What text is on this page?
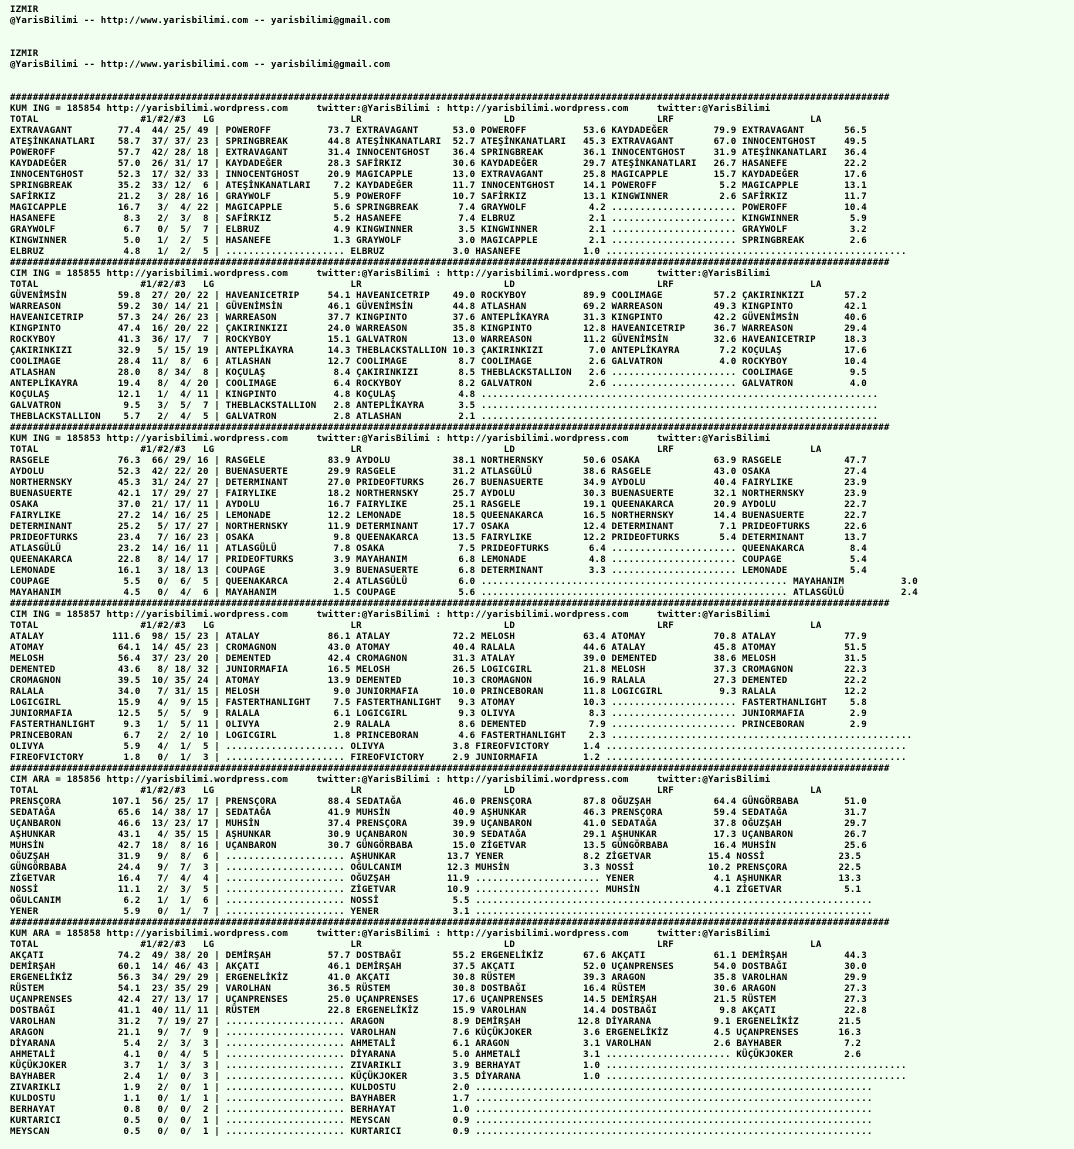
IZMIR
@YarisBilimi -- http://www.yarisbilimi.com -- yarisbilimi@gmail.com

IZMIR
@YarisBilimi -- http://www.yarisbilimi.com -- yarisbilimi@gmail.com

###########################################################################################################################################################
KUM ING = 185854 http://yarisbilimi.wordpress.com     twitter:@YarisBilimi : http://yarisbilimi.wordpress.com     twitter:@YarisBilimi
TOTAL                  #1/#2/#3   LG                        LR                         LD                         LRF                        LA
EXTRAVAGANT        77.4  44/ 25/ 49 | POWEROFF          73.7 EXTRAVAGANT      53.0 POWEROFF          53.6 KAYDADEĞER        79.9 EXTRAVAGANT       56.5
ATEŞİNKANATLARI    58.7  37/ 37/ 23 | SPRINGBREAK       44.8 ATEŞİNKANATLARI  52.7 ATEŞİNKANATLARI   45.3 EXTRAVAGANT       67.0 INNOCENTGHOST     49.5
POWEROFF           57.7  42/ 28/ 18 | EXTRAVAGANT       31.4 INNOCENTGHOST    36.4 SPRINGBREAK       36.1 INNOCENTGHOST     31.9 ATEŞİNKANATLARI   36.4
KAYDADEĞER         57.0  26/ 31/ 17 | KAYDADEĞER        28.3 SAFİRKIZ         30.6 KAYDADEĞER        29.7 ATEŞİNKANATLARI   26.7 HASANEFE          22.2
INNOCENTGHOST      52.3  17/ 32/ 33 | INNOCENTGHOST     20.9 MAGICAPPLE       13.0 EXTRAVAGANT       25.8 MAGICAPPLE        15.7 KAYDADEĞER        17.6
SPRINGBREAK        35.2  33/ 12/  6 | ATEŞİNKANATLARI    7.2 KAYDADEĞER       11.7 INNOCENTGHOST     14.1 POWEROFF           5.2 MAGICAPPLE        13.1
SAFİRKIZ           21.2   3/ 28/ 16 | GRAYWOLF           5.9 POWEROFF         10.7 SAFİRKIZ          13.1 KINGWINNER         2.6 SAFİRKIZ          11.7
MAGICAPPLE         16.7   3/  4/ 22 | MAGICAPPLE         5.6 SPRINGBREAK       7.4 GRAYWOLF           4.2 ...................... POWEROFF          10.4
HASANEFE            8.3   2/  3/  8 | SAFİRKIZ           5.2 HASANEFE          7.4 ELBRUZ             2.1 ...................... KINGWINNER         5.9
GRAYWOLF            6.7   0/  5/  7 | ELBRUZ             4.9 KINGWINNER        3.5 KINGWINNER         2.1 ...................... GRAYWOLF           3.2
KINGWINNER          5.0   1/  2/  5 | HASANEFE           1.3 GRAYWOLF          3.0 MAGICAPPLE         2.1 ...................... SPRINGBREAK        2.6
ELBRUZ              4.8   1/  2/  5 | ..................... ELBRUZ            3.0 HASANEFE           1.0 .....................................................
###########################################################################################################################################################
CIM ING = 185855 http://yarisbilimi.wordpress.com     twitter:@YarisBilimi : http://yarisbilimi.wordpress.com     twitter:@YarisBilimi
TOTAL                  #1/#2/#3   LG                        LR                         LD                         LRF                        LA
GÜVENİMSİN         59.8  27/ 20/ 22 | HAVEANICETRIP     54.1 HAVEANICETRIP    49.0 ROCKYBOY          89.9 COOLIMAGE         57.2 ÇAKIRINKIZI       57.2
WARREASON          59.2  30/ 14/ 21 | GÜVENİMSİN        46.1 GÜVENİMSİN       44.8 ATLASHAN          69.2 WARREASON         49.3 KINGPINTO         42.1
HAVEANICETRIP      57.3  24/ 26/ 23 | WARREASON         37.7 KINGPINTO        37.6 ANTEPLİKAYRA      31.3 KINGPINTO         42.2 GÜVENİMSİN        40.6
KINGPINTO          47.4  16/ 20/ 22 | ÇAKIRINKIZI       24.0 WARREASON        35.8 KINGPINTO         12.8 HAVEANICETRIP     36.7 WARREASON         29.4
ROCKYBOY           41.3  36/ 17/  7 | ROCKYBOY          15.1 GALVATRON        13.0 WARREASON         11.2 GÜVENİMSİN        32.6 HAVEANICETRIP     18.3
ÇAKIRINKIZI        32.9   5/ 15/ 19 | ANTEPLİKAYRA      14.3 THEBLACKSTALLION 10.3 ÇAKIRINKIZI        7.0 ANTEPLİKAYRA       7.2 KOÇULAŞ           17.6
COOLIMAGE          28.4  11/  8/  6 | ATLASHAN          12.7 COOLIMAGE         8.7 COOLIMAGE          2.6 GALVATRON          4.0 ROCKYBOY          10.4
ATLASHAN           28.0   8/ 34/  8 | KOÇULAŞ            8.4 ÇAKIRINKIZI       8.5 THEBLACKSTALLION   2.6 ...................... COOLIMAGE          9.5
ANTEPLİKAYRA       19.4   8/  4/ 20 | COOLIMAGE          6.4 ROCKYBOY          8.2 GALVATRON          2.6 ...................... GALVATRON          4.0
KOÇULAŞ            12.1   1/  4/ 11 | KINGPINTO          4.8 KOÇULAŞ           4.8 ......................................................................
GALVATRON           9.5   3/  5/  7 | THEBLACKSTALLION   2.8 ANTEPLİKAYRA      3.5 ......................................................................
THEBLACKSTALLION    5.7   2/  4/  5 | GALVATRON          2.8 ATLASHAN          2.1 ......................................................................
###########################################################################################################################################################
KUM ING = 185853 http://yarisbilimi.wordpress.com     twitter:@YarisBilimi : http://yarisbilimi.wordpress.com     twitter:@YarisBilimi
TOTAL                  #1/#2/#3   LG                        LR                         LD                         LRF                        LA
RASGELE            76.3  66/ 29/ 16 | RASGELE           83.9 AYDOLU           38.1 NORTHERNSKY       50.6 OSAKA             63.9 RASGELE           47.7
AYDOLU             52.3  42/ 22/ 20 | BUENASUERTE       29.9 RASGELE          31.2 ATLASGÜLÜ         38.6 RASGELE           43.0 OSAKA             27.4
NORTHERNSKY        45.3  31/ 24/ 27 | DETERMINANT       27.0 PRIDEOFTURKS     26.7 BUENASUERTE       34.9 AYDOLU            40.4 FAIRYLIKE         23.9
BUENASUERTE        42.1  17/ 29/ 27 | FAIRYLIKE         18.2 NORTHERNSKY      25.7 AYDOLU            30.3 BUENASUERTE       32.1 NORTHERNSKY       23.9
OSAKA              37.0  21/ 17/ 11 | AYDOLU            16.7 FAIRYLIKE        25.1 RASGELE           19.1 QUEENAKARCA       20.9 AYDOLU            22.7
FAIRYLIKE          27.2  14/ 16/ 25 | LEMONADE          12.2 LEMONADE         18.5 QUEENAKARCA       16.5 NORTHERNSKY       14.4 BUENASUERTE       22.7
DETERMINANT        25.2   5/ 17/ 27 | NORTHERNSKY       11.9 DETERMINANT      17.7 OSAKA             12.4 DETERMINANT        7.1 PRIDEOFTURKS      22.6
PRIDEOFTURKS       23.4   7/ 16/ 23 | OSAKA              9.8 QUEENAKARCA      13.5 FAIRYLIKE         12.2 PRIDEOFTURKS       5.4 DETERMINANT       13.7
ATLASGÜLÜ          23.2  14/ 16/ 11 | ATLASGÜLÜ          7.8 OSAKA             7.5 PRIDEOFTURKS       6.4 ...................... QUEENAKARCA        8.4
QUEENAKARCA        22.8   8/ 14/ 17 | PRIDEOFTURKS       3.9 MAYAHANIM         6.8 LEMONADE           4.8 ...................... COUPAGE            5.4
LEMONADE           16.1   3/ 18/ 13 | COUPAGE            3.9 BUENASUERTE       6.8 DETERMINANT        3.3 ...................... LEMONADE           5.4
COUPAGE             5.5   0/  6/  5 | QUEENAKARCA        2.4 ATLASGÜLÜ         6.0 ...................................................... MAYAHANIM          3.0
MAYAHANIM           4.5   0/  4/  6 | MAYAHANIM          1.5 COUPAGE           5.6 ...................................................... ATLASGÜLÜ          2.4
###########################################################################################################################################################
CIM ING = 185857 http://yarisbilimi.wordpress.com     twitter:@YarisBilimi : http://yarisbilimi.wordpress.com     twitter:@YarisBilimi
TOTAL                  #1/#2/#3   LG                        LR                         LD                         LRF                        LA
ATALAY            111.6  98/ 15/ 23 | ATALAY            86.1 ATALAY           72.2 MELOSH            63.4 ATOMAY            70.8 ATALAY            77.9
ATOMAY             64.1  14/ 45/ 23 | CROMAGNON         43.0 ATOMAY           40.4 RALALA            44.6 ATALAY            45.8 ATOMAY            51.5
MELOSH             56.4  37/ 23/ 20 | DEMENTED          42.4 CROMAGNON        31.3 ATALAY            39.0 DEMENTED          38.6 MELOSH            31.5
DEMENTED           43.6   8/ 18/ 32 | JUNIORMAFIA       16.5 MELOSH           26.5 LOGICGIRL         21.8 MELOSH            37.3 CROMAGNON         22.3
CROMAGNON          39.5  10/ 35/ 24 | ATOMAY            13.9 DEMENTED         10.3 CROMAGNON         16.9 RALALA            27.3 DEMENTED          22.2
RALALA             34.0   7/ 31/ 15 | MELOSH             9.0 JUNIORMAFIA      10.0 PRINCEBORAN       11.8 LOGICGIRL          9.3 RALALA            12.2
LOGICGIRL          15.9   4/  9/ 15 | FASTERTHANLIGHT    7.5 FASTERTHANLIGHT   9.3 ATOMAY            10.3 ...................... FASTERTHANLIGHT    5.8
JUNIORMAFIA        12.5   5/  5/  9 | RALALA             6.1 LOGICGIRL         9.3 OLIVYA             8.3 ...................... JUNIORMAFIA        2.9
FASTERTHANLIGHT     9.3   1/  5/ 11 | OLIVYA             2.9 RALALA            8.6 DEMENTED           7.9 ...................... PRINCEBORAN        2.9
PRINCEBORAN         6.7   2/  2/ 10 | LOGICGIRL          1.8 PRINCEBORAN       4.6 FASTERTHANLIGHT    2.3 .....................................................
OLIVYA              5.9   4/  1/  5 | ..................... OLIVYA            3.8 FIREOFVICTORY      1.4 .....................................................
FIREOFVICTORY       1.8   0/  1/  3 | ..................... FIREOFVICTORY     2.9 JUNIORMAFIA        1.2 .....................................................
###########################################################################################################################################################
CIM ARA = 185856 http://yarisbilimi.wordpress.com     twitter:@YarisBilimi : http://yarisbilimi.wordpress.com     twitter:@YarisBilimi
TOTAL                  #1/#2/#3   LG                        LR                         LD                         LRF                        LA
PRENSÇORA         107.1  56/ 25/ 17 | PRENSÇORA         88.4 SEDATAĞA         46.0 PRENSÇORA         87.8 OĞUZŞAH           64.4 GÜNGÖRBABA        51.0
SEDATAĞA           65.6  14/ 38/ 17 | SEDATAĞA          41.9 MUHSİN           40.9 AŞHUNKAR          46.3 PRENSÇORA         59.4 SEDATAĞA          31.7
UÇANBARON          46.6  13/ 23/ 17 | MUHSİN            37.4 PRENSÇORA        39.9 UÇANBARON         41.0 SEDATAĞA          37.8 OĞUZŞAH           29.7
AŞHUNKAR           43.1   4/ 35/ 15 | AŞHUNKAR          30.9 UÇANBARON        30.9 SEDATAĞA          29.1 AŞHUNKAR          17.3 UÇANBARON         26.7
MUHSİN             42.7  18/  8/ 16 | UÇANBARON         30.7 GÜNGÖRBABA       15.0 ZİGETVAR          13.5 GÜNGÖRBABA        16.4 MUHSİN            25.6
OĞUZŞAH            31.9   9/  8/  6 | ..................... AŞHUNKAR         13.7 YENER              8.2 ZİGETVAR          15.4 NOSSİ             23.5
GÜNGÖRBABA         24.4   9/  7/  3 | ..................... OĞULCANIM        12.3 MUHSİN             3.3 NOSSİ             10.2 PRENSÇORA         22.5
ZİGETVAR           16.4   7/  4/  4 | ..................... OĞUZŞAH          11.9 ...................... YENER              4.1 AŞHUNKAR          13.3
NOSSİ              11.1   2/  3/  5 | ..................... ZİGETVAR         10.9 ...................... MUHSİN             4.1 ZİGETVAR           5.1
OĞULCANIM           6.2   1/  1/  6 | ..................... NOSSİ             5.5 ......................................................................
YENER               5.9   0/  1/  7 | ..................... YENER             3.1 ......................................................................
###########################################################################################################################################################
KUM ARA = 185858 http://yarisbilimi.wordpress.com     twitter:@YarisBilimi : http://yarisbilimi.wordpress.com     twitter:@YarisBilimi
TOTAL                  #1/#2/#3   LG                        LR                         LD                         LRF                        LA
AKÇATI             74.2  49/ 38/ 20 | DEMİRŞAH          57.7 DOSTBAĞI         55.2 ERGENELİKİZ       67.6 AKÇATI            61.1 DEMİRŞAH          44.3
DEMİRŞAH           60.1  14/ 46/ 43 | AKÇATI            46.1 DEMİRŞAH         37.5 AKÇATI            52.0 UÇANPRENSES       54.0 DOSTBAĞI          30.0
ERGENELİKİZ        56.3  34/ 29/ 29 | ERGENELİKİZ       41.0 AKÇATI           30.8 RÜSTEM            39.3 ARAGON            35.8 VAROLHAN          29.9
RÜSTEM             54.1  23/ 35/ 29 | VAROLHAN          36.5 RÜSTEM           30.8 DOSTBAĞI          16.4 RÜSTEM            30.6 ARAGON            27.3
UÇANPRENSES        42.4  27/ 13/ 17 | UÇANPRENSES       25.0 UÇANPRENSES      17.6 UÇANPRENSES       14.5 DEMİRŞAH          21.5 RÜSTEM            27.3
DOSTBAĞI           41.1  40/ 11/ 11 | RÜSTEM            22.8 ERGENELİKİZ      15.9 VAROLHAN          14.4 DOSTBAĞI           9.8 AKÇATI            22.8
VAROLHAN           31.2   7/ 19/ 27 | ..................... ARAGON            8.9 DEMİRŞAH          12.8 DİYARANA           9.1 ERGENELİKİZ       21.5
ARAGON             21.1   9/  7/  9 | ..................... VAROLHAN          7.6 KÜÇÜKJOKER         3.6 ERGENELİKİZ        4.5 UÇANPRENSES       16.3
DİYARANA            5.4   2/  3/  3 | ..................... AHMETALİ          6.1 ARAGON             3.1 VAROLHAN           2.6 BAYHABER           7.2
AHMETALİ            4.1   0/  4/  5 | ..................... DİYARANA          5.0 AHMETALİ           3.1 ...................... KÜÇÜKJOKER         2.6
KÜÇÜKJOKER          3.7   1/  3/  3 | ..................... ZIVARIKLI         3.9 BERHAYAT           1.0 .....................................................
BAYHABER            2.4   1/  0/  3 | ..................... KÜÇÜKJOKER        3.5 DİYARANA           1.0 .....................................................
ZIVARIKLI           1.9   2/  0/  1 | ..................... KULDOSTU          2.0 ......................................................................
KULDOSTU            1.1   0/  1/  1 | ..................... BAYHABER          1.7 ......................................................................
BERHAYAT            0.8   0/  0/  2 | ..................... BERHAYAT          1.0 ......................................................................
KURTARICI           0.5   0/  0/  1 | ..................... MEYSCAN           0.9 ......................................................................
MEYSCAN             0.5   0/  0/  1 | ..................... KURTARICI         0.9 ......................................................................
